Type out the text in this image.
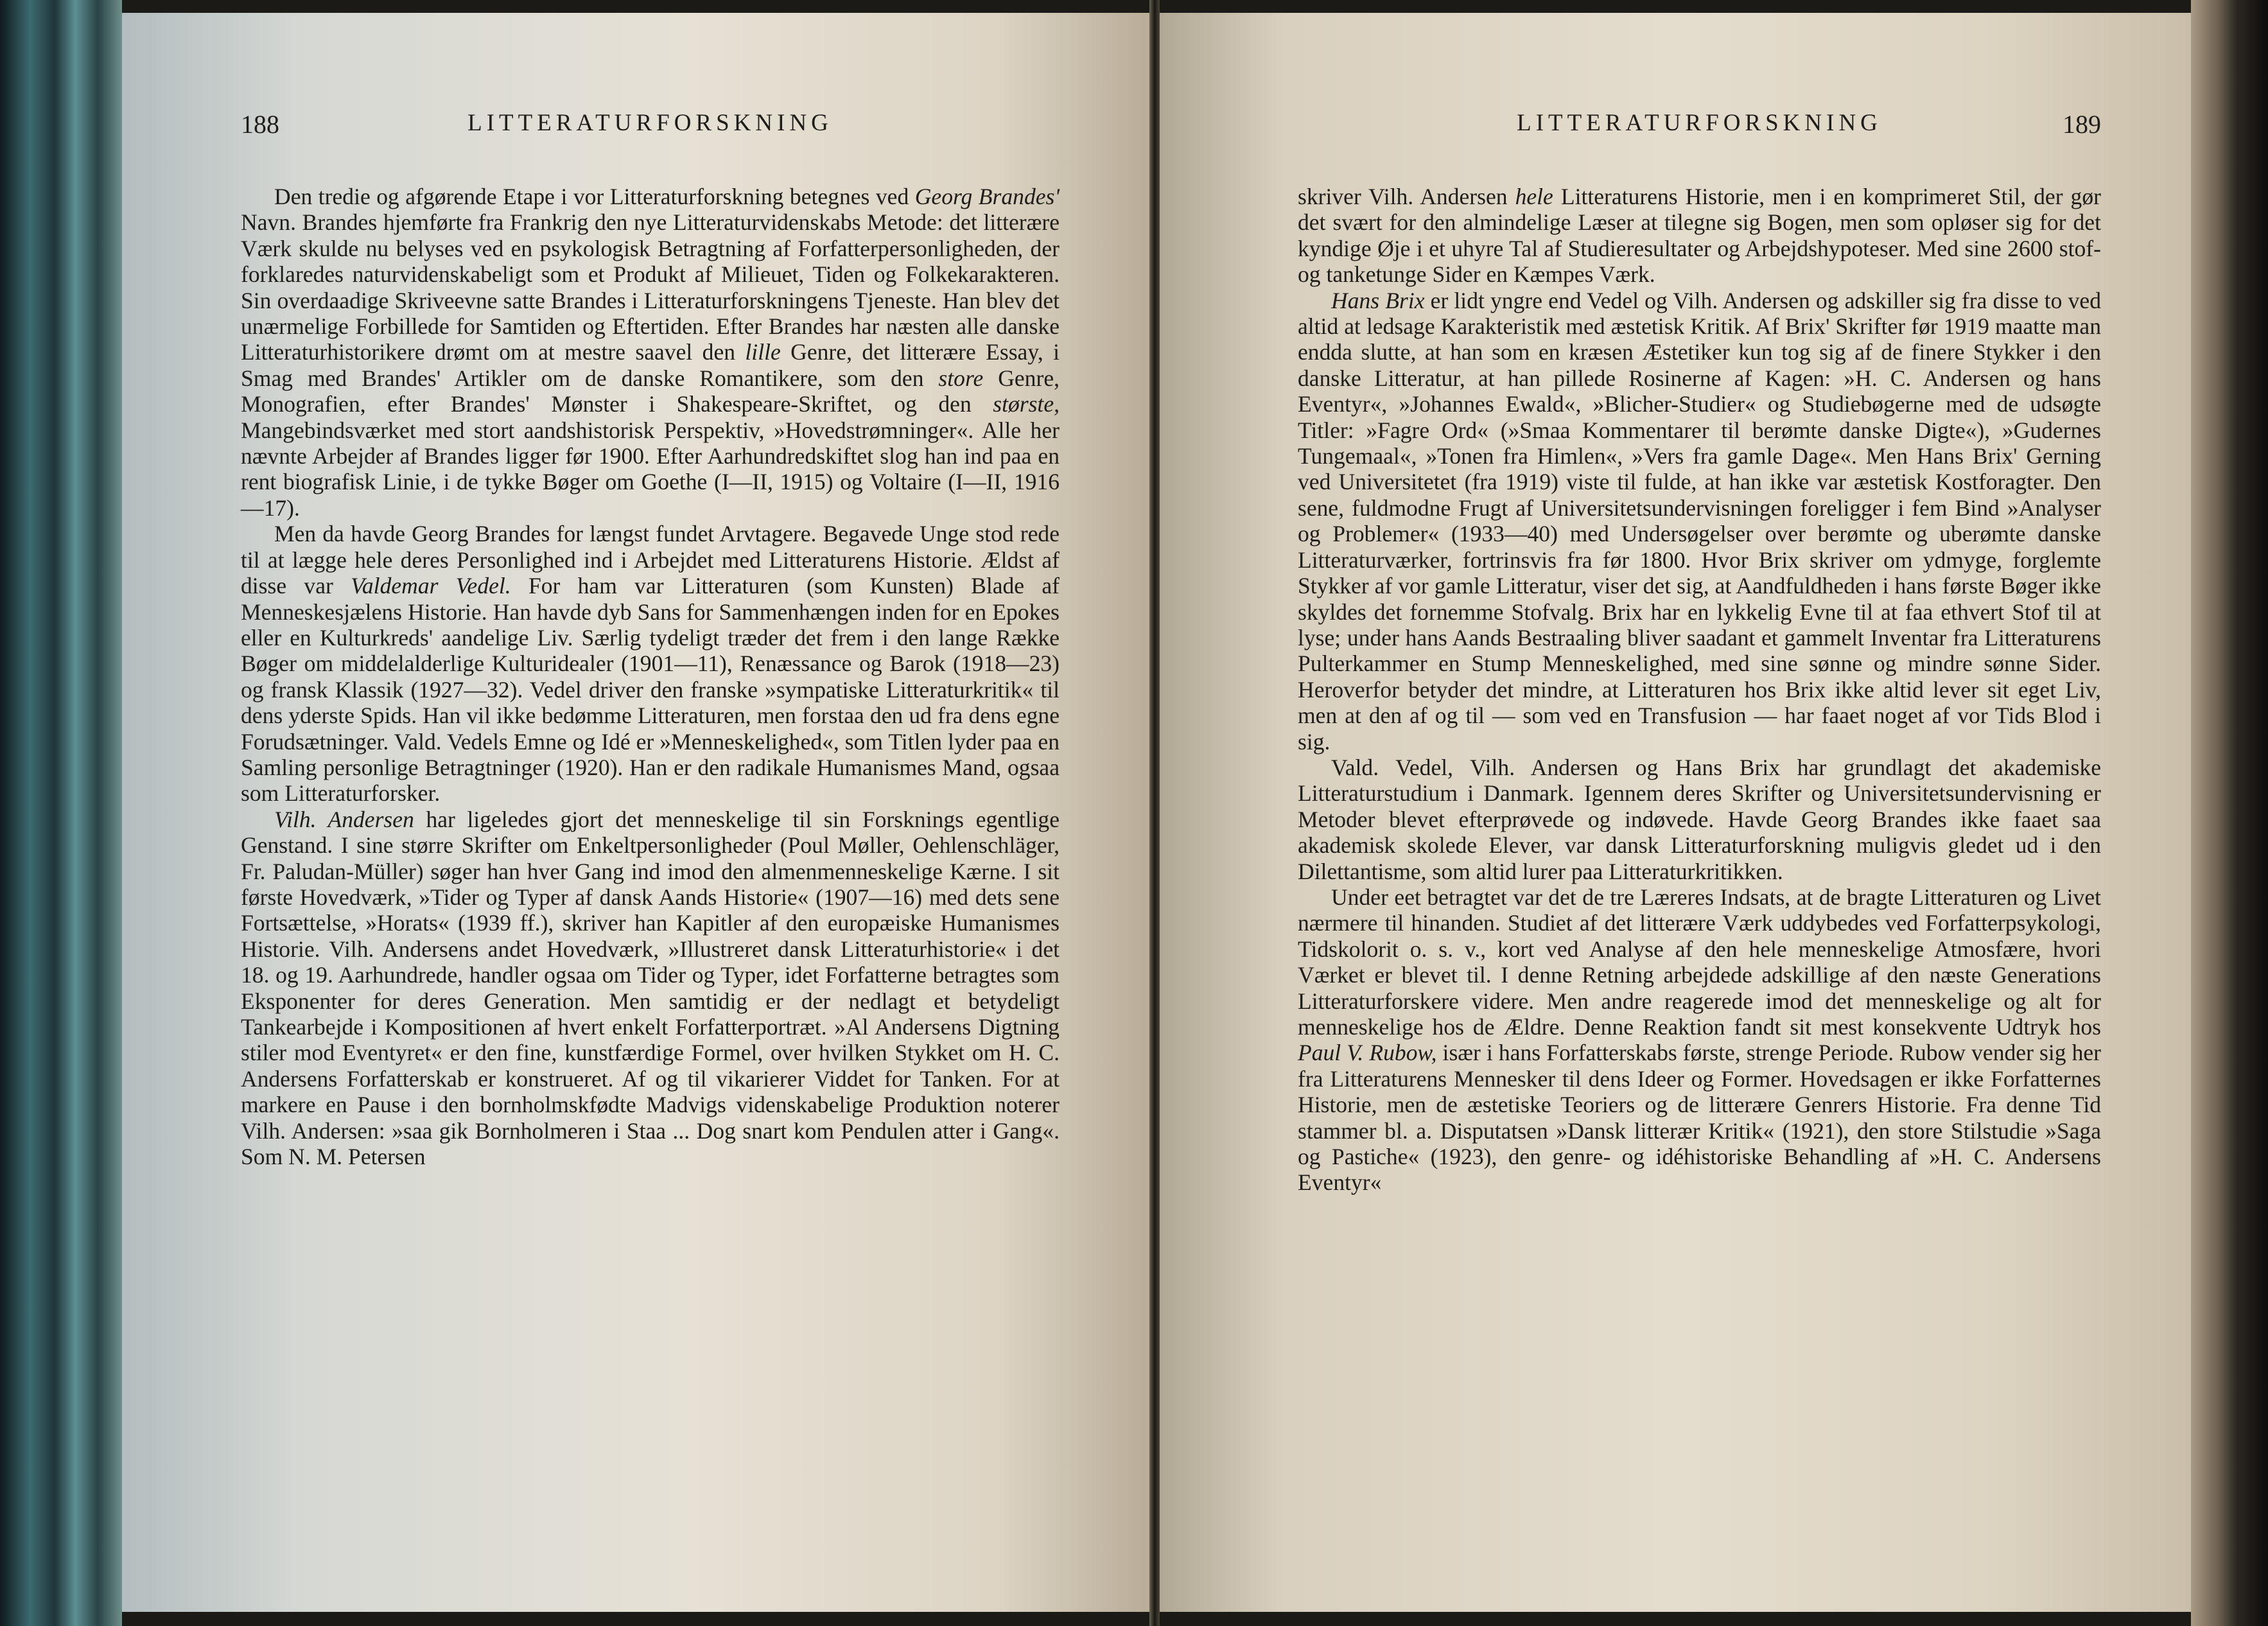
188	LITTERATURFORSKNING

Den tredie og afgørende Etape i vor Litteraturforskning betegnes ved Georg Brandes' Navn. Brandes hjemførte fra Frankrig den nye Litteraturvidenskabs Metode: det litterære Værk skulde nu belyses ved en psykologisk Betragtning af Forfatterpersonligheden, der forklaredes naturvidenskabeligt som et Produkt af Milieuet, Tiden og Folkekarakteren. Sin overdaadige Skriveevne satte Brandes i Litteraturforskningens Tjeneste. Han blev det unærmelige Forbillede for Samtiden og Eftertiden. Efter Brandes har næsten alle danske Litteraturhistorikere drømt om at mestre saavel den lille Genre, det litterære Essay, i Smag med Brandes' Artikler om de danske Romantikere, som den store Genre, Monografien, efter Brandes' Mønster i Shakespeare-Skriftet, og den største, Mangebindsværket med stort aandshistorisk Perspektiv, »Hovedstrømninger«. Alle her nævnte Arbejder af Brandes ligger før 1900. Efter Aarhundredskiftet slog han ind paa en rent biografisk Linie, i de tykke Bøger om Goethe (I—II, 1915) og Voltaire (I—II, 1916—17).

Men da havde Georg Brandes for længst fundet Arvtagere. Begavede Unge stod rede til at lægge hele deres Personlighed ind i Arbejdet med Litteraturens Historie. Ældst af disse var Valdemar Vedel. For ham var Litteraturen (som Kunsten) Blade af Menneskesjælens Historie. Han havde dyb Sans for Sammenhængen inden for en Epokes eller en Kulturkreds' aandelige Liv. Særlig tydeligt træder det frem i den lange Række Bøger om middelalderlige Kulturidealer (1901—11), Renæssance og Barok (1918—23) og fransk Klassik (1927—32). Vedel driver den franske »sympatiske Litteraturkritik« til dens yderste Spids. Han vil ikke bedømme Litteraturen, men forstaa den ud fra dens egne Forudsætninger. Vald. Vedels Emne og Idé er »Menneskelighed«, som Titlen lyder paa en Samling personlige Betragtninger (1920). Han er den radikale Humanismes Mand, ogsaa som Litteraturforsker.

Vilh. Andersen har ligeledes gjort det menneskelige til sin Forsknings egentlige Genstand. I sine større Skrifter om Enkeltpersonligheder (Poul Møller, Oehlenschläger, Fr. Paludan-Müller) søger han hver Gang ind imod den almenmenneskelige Kærne. I sit første Hovedværk, »Tider og Typer af dansk Aands Historie« (1907—16) med dets sene Fortsættelse, »Horats« (1939 ff.), skriver han Kapitler af den europæiske Humanismes Historie. Vilh. Andersens andet Hovedværk, »Illustreret dansk Litteraturhistorie« i det 18. og 19. Aarhundrede, handler ogsaa om Tider og Typer, idet Forfatterne betragtes som Eksponenter for deres Generation. Men samtidig er der nedlagt et betydeligt Tankearbejde i Kompositionen af hvert enkelt Forfatterportræt. »Al Andersens Digtning stiler mod Eventyret« er den fine, kunstfærdige Formel, over hvilken Stykket om H. C. Andersens Forfatterskab er konstrueret. Af og til vikarierer Viddet for Tanken. For at markere en Pause i den bornholmskfødte Madvigs videnskabelige Produktion noterer Vilh. Andersen: »saa gik Bornholmeren i Staa ... Dog snart kom Pendulen atter i Gang«. Som N. M. Petersen

LITTERATURFORSKNING	189

skriver Vilh. Andersen hele Litteraturens Historie, men i en komprimeret Stil, der gør det svært for den almindelige Læser at tilegne sig Bogen, men som opløser sig for det kyndige Øje i et uhyre Tal af Studieresultater og Arbejdshypoteser. Med sine 2600 stof- og tanketunge Sider en Kæmpes Værk.

Hans Brix er lidt yngre end Vedel og Vilh. Andersen og adskiller sig fra disse to ved altid at ledsage Karakteristik med æstetisk Kritik. Af Brix' Skrifter før 1919 maatte man endda slutte, at han som en kræsen Æstetiker kun tog sig af de finere Stykker i den danske Litteratur, at han pillede Rosinerne af Kagen: »H. C. Andersen og hans Eventyr«, »Johannes Ewald«, »Blicher-Studier« og Studiebøgerne med de udsøgte Titler: »Fagre Ord« (»Smaa Kommentarer til berømte danske Digte«), »Gudernes Tungemaal«, »Tonen fra Himlen«, »Vers fra gamle Dage«. Men Hans Brix' Gerning ved Universitetet (fra 1919) viste til fulde, at han ikke var æstetisk Kostforagter. Den sene, fuldmodne Frugt af Universitetsundervisningen foreligger i fem Bind »Analyser og Problemer« (1933—40) med Undersøgelser over berømte og uberømte danske Litteraturværker, fortrinsvis fra før 1800. Hvor Brix skriver om ydmyge, forglemte Stykker af vor gamle Litteratur, viser det sig, at Aandfuldheden i hans første Bøger ikke skyldes det fornemme Stofvalg. Brix har en lykkelig Evne til at faa ethvert Stof til at lyse; under hans Aands Bestraaling bliver saadant et gammelt Inventar fra Litteraturens Pulterkammer en Stump Menneskelighed, med sine sønne og mindre sønne Sider. Heroverfor betyder det mindre, at Litteraturen hos Brix ikke altid lever sit eget Liv, men at den af og til — som ved en Transfusion — har faaet noget af vor Tids Blod i sig.

Vald. Vedel, Vilh. Andersen og Hans Brix har grundlagt det akademiske Litteraturstudium i Danmark. Igennem deres Skrifter og Universitetsundervisning er Metoder blevet efterprøvede og indøvede. Havde Georg Brandes ikke faaet saa akademisk skolede Elever, var dansk Litteraturforskning muligvis gledet ud i den Dilettantisme, som altid lurer paa Litteraturkritikken.

Under eet betragtet var det de tre Læreres Indsats, at de bragte Litteraturen og Livet nærmere til hinanden. Studiet af det litterære Værk uddybedes ved Forfatterpsykologi, Tidskolorit o. s. v., kort ved Analyse af den hele menneskelige Atmosfære, hvori Værket er blevet til. I denne Retning arbejdede adskillige af den næste Generations Litteraturforskere videre. Men andre reagerede imod det menneskelige og alt for menneskelige hos de Ældre. Denne Reaktion fandt sit mest konsekvente Udtryk hos Paul V. Rubow, især i hans Forfatterskabs første, strenge Periode. Rubow vender sig her fra Litteraturens Mennesker til dens Ideer og Former. Hovedsagen er ikke Forfatternes Historie, men de æstetiske Teoriers og de litterære Genrers Historie. Fra denne Tid stammer bl. a. Disputatsen »Dansk litterær Kritik« (1921), den store Stilstudie »Saga og Pastiche« (1923), den genre- og idéhistoriske Behandling af »H. C. Andersens Eventyr«
